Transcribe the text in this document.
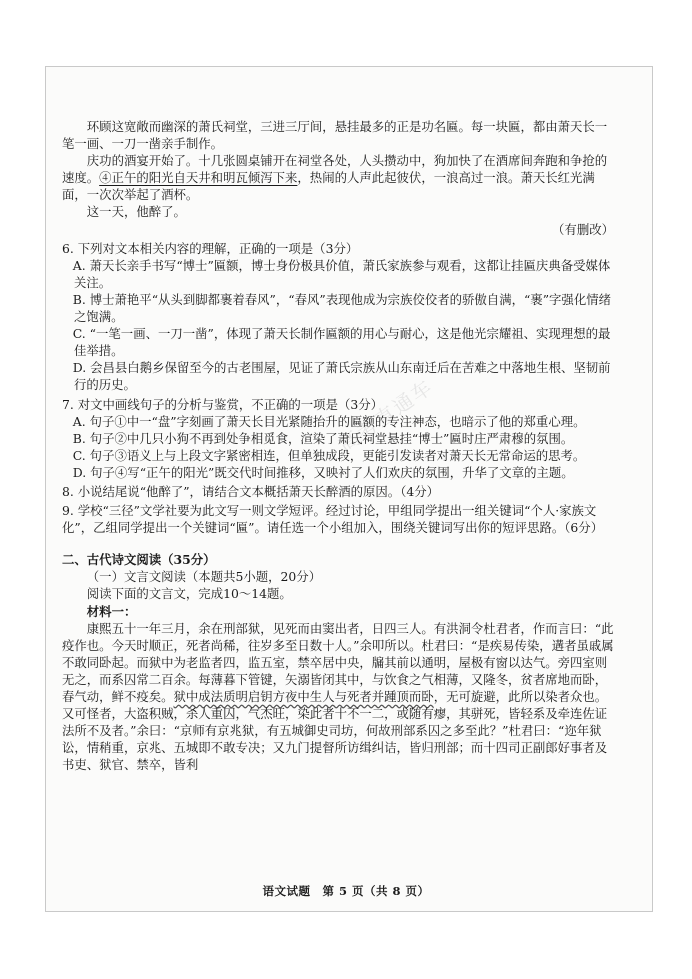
高考直通车

环顾这宽敞而幽深的萧氏祠堂，三进三厅间，悬挂最多的正是功名匾。每一块匾，都由萧天长一笔一画、一刀一凿亲手制作。

庆功的酒宴开始了。十几张圆桌铺开在祠堂各处，人头攒动中，狗加快了在酒席间奔跑和争抢的速度。④正午的阳光自天井和明瓦倾泻下来，热闹的人声此起彼伏，一浪高过一浪。萧天长红光满面，一次次举起了酒杯。

这一天，他醉了。

（有删改）

6. 下列对文本相关内容的理解，正确的一项是（3分）

A. 萧天长亲手书写“博士”匾额，博士身份极具价值，萧氏家族参与观看，这都让挂匾庆典备受媒体关注。

B. 博士萧艳平“从头到脚都裹着春风”，“春风”表现他成为宗族佼佼者的骄傲自满，“裹”字强化情绪之饱满。

C. “一笔一画、一刀一凿”，体现了萧天长制作匾额的用心与耐心，这是他光宗耀祖、实现理想的最佳举措。

D. 会昌县白鹅乡保留至今的古老围屋，见证了萧氏宗族从山东南迁后在苦难之中落地生根、坚韧前行的历史。

7. 对文中画线句子的分析与鉴赏，不正确的一项是（3分）

A. 句子①中一“盘”字刻画了萧天长目光紧随抬升的匾额的专注神态，也暗示了他的郑重心理。

B. 句子②中几只小狗不再到处争相觅食，渲染了萧氏祠堂悬挂“博士”匾时庄严肃穆的氛围。

C. 句子③语义上与上段文字紧密相连，但单独成段，更能引发读者对萧天长无常命运的思考。

D. 句子④写“正午的阳光”既交代时间推移，又映衬了人们欢庆的氛围，升华了文章的主题。

8. 小说结尾说“他醉了”，请结合文本概括萧天长醉酒的原因。（4分）

9. 学校“三径”文学社要为此文写一则文学短评。经过讨论，甲组同学提出一组关键词“个人·家族文化”，乙组同学提出一个关键词“匾”。请任选一个小组加入，围绕关键词写出你的短评思路。（6分）

二、古代诗文阅读（35分）

（一）文言文阅读（本题共5小题，20分）

阅读下面的文言文，完成10～14题。

材料一：

康熙五十一年三月，余在刑部狱，见死而由窦出者，日四三人。有洪洞令杜君者，作而言曰：“此疫作也。今天时顺正，死者尚稀，往岁多至日数十人。”余叩所以。杜君曰：“是疾易传染，遘者虽戚属不敢同卧起。而狱中为老监者四，监五室，禁卒居中央，牖其前以通明，屋极有窗以达气。旁四室则无之，而系囚常二百余。每薄暮下管键，矢溺皆闭其中，与饮食之气相薄，又隆冬，贫者席地而卧，春气动，鲜不疫矣。狱中成法质明启钥方夜中生人与死者并踵顶而卧，无可旋避，此所以染者众也。又可怪者，大盗积贼，杀人重囚，气杰旺，染此者十不一二，或随有瘳，其骈死，皆轻系及牵连佐证法所不及者。”余曰：“京师有京兆狱，有五城御史司坊，何故刑部系囚之多至此？”杜君曰：“迩年狱讼，情稍重，京兆、五城即不敢专决；又九门提督所访缉纠诘，皆归刑部；而十四司正副郎好事者及书吏、狱官、禁卒，皆利

语文试题 第 5 页（共 8 页）
